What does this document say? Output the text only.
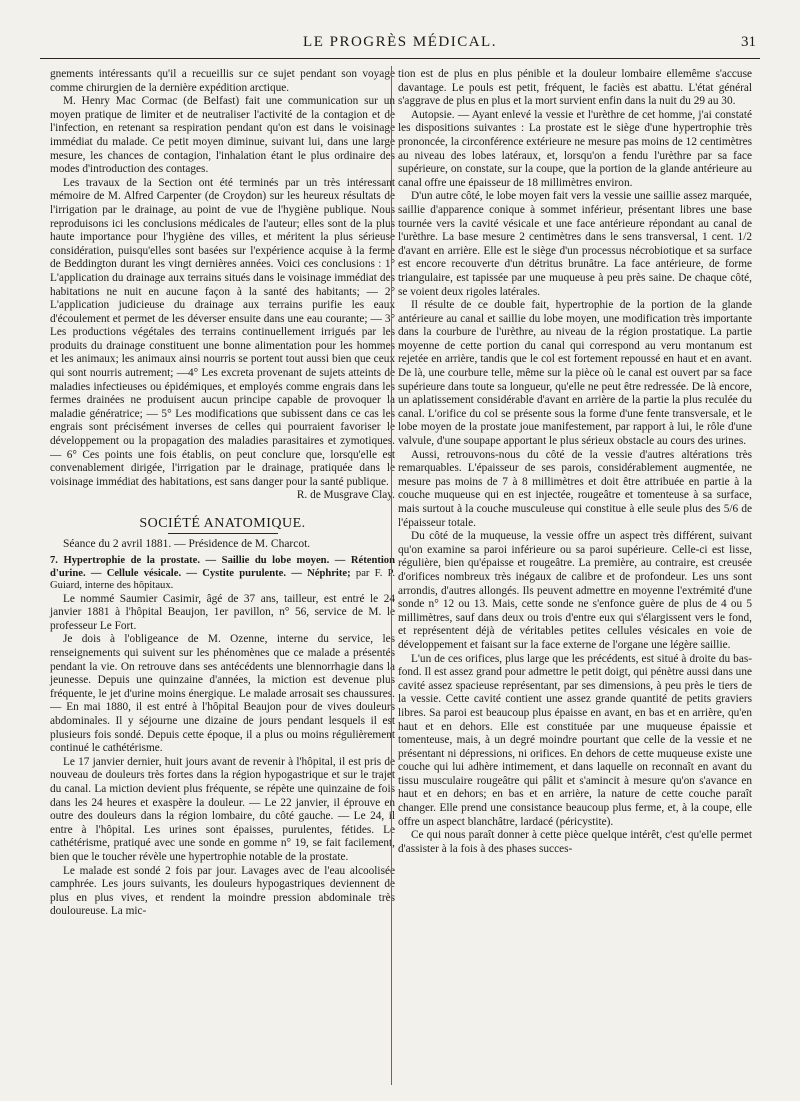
LE PROGRÈS MÉDICAL.	31

gnements intéressants qu'il a recueillis sur ce sujet pendant son voyage comme chirurgien de la dernière expédition arctique.

M. Henry Mac Cormac (de Belfast) fait une communication sur un moyen pratique de limiter et de neutraliser l'activité de la contagion et de l'infection, en retenant sa respiration pendant qu'on est dans le voisinage immédiat du malade. Ce petit moyen diminue, suivant lui, dans une large mesure, les chances de contagion, l'inhalation étant le plus ordinaire des modes d'introduction des contages.

Les travaux de la Section ont été terminés par un très intéressant mémoire de M. Alfred Carpenter (de Croydon) sur les heureux résultats de l'irrigation par le drainage, au point de vue de l'hygiène publique. Nous reproduisons ici les conclusions médicales de l'auteur; elles sont de la plus haute importance pour l'hygiène des villes, et méritent la plus sérieuse considération, puisqu'elles sont basées sur l'expérience acquise à la ferme de Beddington durant les vingt dernières années. Voici ces conclusions : 1° L'application du drainage aux terrains situés dans le voisinage immédiat des habitations ne nuit en aucune façon à la santé des habitants; — 2° L'application judicieuse du drainage aux terrains purifie les eaux d'écoulement et permet de les déverser ensuite dans une eau courante; — 3° Les productions végétales des terrains continuellement irrigués par les produits du drainage constituent une bonne alimentation pour les hommes et les animaux; les animaux ainsi nourris se portent tout aussi bien que ceux qui sont nourris autrement; —4° Les excreta provenant de sujets atteints de maladies infectieuses ou épidémiques, et employés comme engrais dans les fermes drainées ne produisent aucun principe capable de provoquer la maladie génératrice; — 5° Les modifications que subissent dans ce cas les engrais sont précisément inverses de celles qui pourraient favoriser le développement ou la propagation des maladies parasitaires et zymotiques. — 6° Ces points une fois établis, on peut conclure que, lorsqu'elle est convenablement dirigée, l'irrigation par le drainage, pratiquée dans le voisinage immédiat des habitations, est sans danger pour la santé publique.

R. de Musgrave Clay.

SOCIÉTÉ ANATOMIQUE.

Séance du 2 avril 1881. — Présidence de M. Charcot.

7. Hypertrophie de la prostate. — Saillie du lobe moyen. — Rétention d'urine. — Cellule vésicale. — Cystite purulente. — Néphrite; par F. P. Guiard, interne des hôpitaux.

Le nommé Saumier Casimir, âgé de 37 ans, tailleur, est entré le 24 janvier 1881 à l'hôpital Beaujon, 1er pavillon, n° 56, service de M. le professeur Le Fort.

Je dois à l'obligeance de M. Ozenne, interne du service, les renseignements qui suivent sur les phénomènes que ce malade a présentés pendant la vie. On retrouve dans ses antécédents une blennorrhagie dans la jeunesse. Depuis une quinzaine d'années, la miction est devenue plus fréquente, le jet d'urine moins énergique. Le malade arrosait ses chaussures. — En mai 1880, il est entré à l'hôpital Beaujon pour de vives douleurs abdominales. Il y séjourne une dizaine de jours pendant lesquels il est plusieurs fois sondé. Depuis cette époque, il a plus ou moins régulièrement continué le cathétérisme.

Le 17 janvier dernier, huit jours avant de revenir à l'hôpital, il est pris de nouveau de douleurs très fortes dans la région hypogastrique et sur le trajet du canal. La miction devient plus fréquente, se répète une quinzaine de fois dans les 24 heures et exaspère la douleur. — Le 22 janvier, il éprouve en outre des douleurs dans la région lombaire, du côté gauche. — Le 24, il entre à l'hôpital. Les urines sont épaisses, purulentes, fétides. Le cathétérisme, pratiqué avec une sonde en gomme n° 19, se fait facilement, bien que le toucher révèle une hypertrophie notable de la prostate.

Le malade est sondé 2 fois par jour. Lavages avec de l'eau alcoolisée camphrée. Les jours suivants, les douleurs hypogastriques deviennent de plus en plus vives, et rendent la moindre pression abdominale très douloureuse. La mic-

tion est de plus en plus pénible et la douleur lombaire ellemême s'accuse davantage. Le pouls est petit, fréquent, le faciès est abattu. L'état général s'aggrave de plus en plus et la mort survient enfin dans la nuit du 29 au 30.

Autopsie. — Ayant enlevé la vessie et l'urèthre de cet homme, j'ai constaté les dispositions suivantes : La prostate est le siège d'une hypertrophie très prononcée, la circonférence extérieure ne mesure pas moins de 12 centimètres au niveau des lobes latéraux, et, lorsqu'on a fendu l'urèthre par sa face supérieure, on constate, sur la coupe, que la portion de la glande antérieure au canal offre une épaisseur de 18 millimètres environ.

D'un autre côté, le lobe moyen fait vers la vessie une saillie assez marquée, saillie d'apparence conique à sommet inférieur, présentant libres une base tournée vers la cavité vésicale et une face antérieure répondant au canal de l'urèthre. La base mesure 2 centimètres dans le sens transversal, 1 cent. 1/2 d'avant en arrière. Elle est le siège d'un processus nécrobiotique et sa surface est encore recouverte d'un détritus brunâtre. La face antérieure, de forme triangulaire, est tapissée par une muqueuse à peu près saine. De chaque côté, se voient deux rigoles latérales.

Il résulte de ce double fait, hypertrophie de la portion de la glande antérieure au canal et saillie du lobe moyen, une modification très importante dans la courbure de l'urèthre, au niveau de la région prostatique. La partie moyenne de cette portion du canal qui correspond au veru montanum est rejetée en arrière, tandis que le col est fortement repoussé en haut et en avant. De là, une courbure telle, même sur la pièce où le canal est ouvert par sa face supérieure dans toute sa longueur, qu'elle ne peut être redressée. De là encore, un aplatissement considérable d'avant en arrière de la partie la plus reculée du canal. L'orifice du col se présente sous la forme d'une fente transversale, et le lobe moyen de la prostate joue manifestement, par rapport à lui, le rôle d'une valvule, d'une soupape apportant le plus sérieux obstacle au cours des urines.

Aussi, retrouvons-nous du côté de la vessie d'autres altérations très remarquables. L'épaisseur de ses parois, considérablement augmentée, ne mesure pas moins de 7 à 8 millimètres et doit être attribuée en partie à la couche muqueuse qui en est injectée, rougeâtre et tomenteuse à sa surface, mais surtout à la couche musculeuse qui constitue à elle seule plus des 5/6 de l'épaisseur totale.

Du côté de la muqueuse, la vessie offre un aspect très différent, suivant qu'on examine sa paroi inférieure ou sa paroi supérieure. Celle-ci est lisse, régulière, bien qu'épaisse et rougeâtre. La première, au contraire, est creusée d'orifices nombreux très inégaux de calibre et de profondeur. Les uns sont arrondis, d'autres allongés. Ils peuvent admettre en moyenne l'extrémité d'une sonde n° 12 ou 13. Mais, cette sonde ne s'enfonce guère de plus de 4 ou 5 millimètres, sauf dans deux ou trois d'entre eux qui s'élargissent vers le fond, et représentent déjà de véritables petites cellules vésicales en voie de développement et faisant sur la face externe de l'organe une légère saillie.

L'un de ces orifices, plus large que les précédents, est situé à droite du bas-fond. Il est assez grand pour admettre le petit doigt, qui pénètre aussi dans une cavité assez spacieuse représentant, par ses dimensions, à peu près le tiers de la vessie. Cette cavité contient une assez grande quantité de petits graviers libres. Sa paroi est beaucoup plus épaisse en avant, en bas et en arrière, qu'en haut et en dehors. Elle est constituée par une muqueuse épaissie et tomenteuse, mais, à un degré moindre pourtant que celle de la vessie et ne présentant ni dépressions, ni orifices. En dehors de cette muqueuse existe une couche qui lui adhère intimement, et dans laquelle on reconnaît en avant du tissu musculaire rougeâtre qui pâlit et s'amincit à mesure qu'on s'avance en haut et en dehors; en bas et en arrière, la nature de cette couche paraît changer. Elle prend une consistance beaucoup plus ferme, et, à la coupe, elle offre un aspect blanchâtre, lardacé (péricystite).

Ce qui nous paraît donner à cette pièce quelque intérêt, c'est qu'elle permet d'assister à la fois à des phases succes-
